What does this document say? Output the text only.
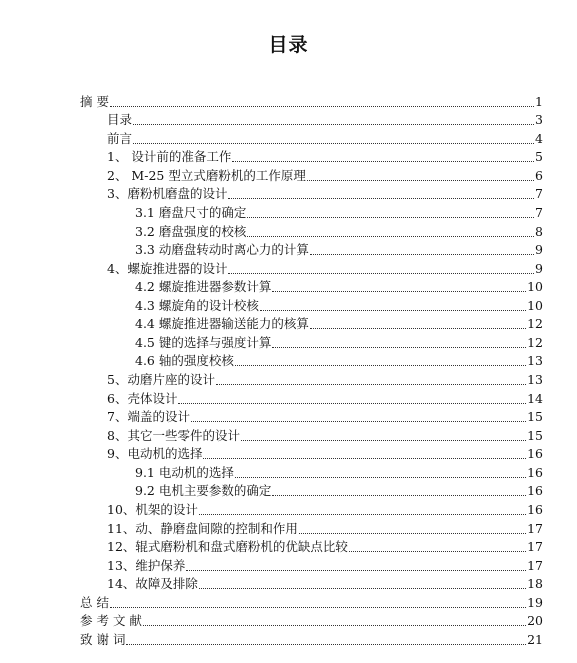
目录
摘 要	1
目录	3
前言	4
1、 设计前的准备工作	5
2、 M-25 型立式磨粉机的工作原理	6
3、磨粉机磨盘的设计	7
3.1 磨盘尺寸的确定	7
3.2 磨盘强度的校核	8
3.3 动磨盘转动时离心力的计算	9
4、螺旋推进器的设计	9
4.2 螺旋推进器参数计算	10
4.3 螺旋角的设计校核	10
4.4 螺旋推进器输送能力的核算	12
4.5 键的选择与强度计算	12
4.6 轴的强度校核	13
5、动磨片座的设计	13
6、壳体设计	14
7、端盖的设计	15
8、其它一些零件的设计	15
9、电动机的选择	16
9.1 电动机的选择	16
9.2 电机主要参数的确定	16
10、机架的设计	16
11、动、静磨盘间隙的控制和作用	17
12、辊式磨粉机和盘式磨粉机的优缺点比较	17
13、维护保养	17
14、故障及排除	18
总 结	19
参 考 文 献	20
致 谢 词	21
